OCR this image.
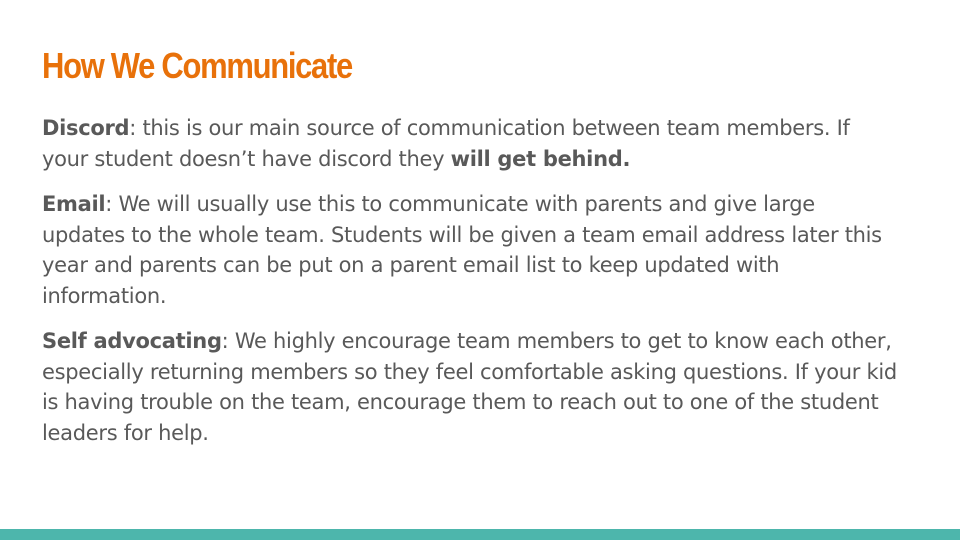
How We Communicate

Discord: this is our main source of communication between team members. If your student doesn’t have discord they will get behind.

Email: We will usually use this to communicate with parents and give large updates to the whole team. Students will be given a team email address later this year and parents can be put on a parent email list to keep updated with information.

Self advocating: We highly encourage team members to get to know each other, especially returning members so they feel comfortable asking questions. If your kid is having trouble on the team, encourage them to reach out to one of the student leaders for help.
